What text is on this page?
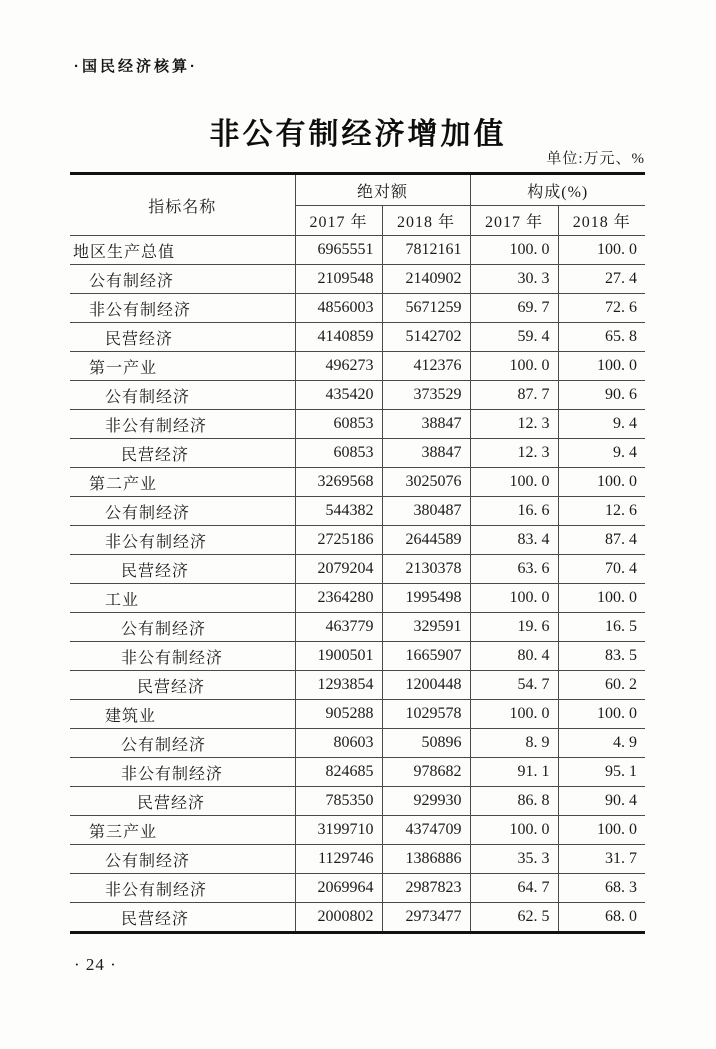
·国民经济核算·
非公有制经济增加值
单位:万元、%
指标名称	绝对额		构成(%)	
	2017 年	2018 年	2017 年	2018 年
地区生产总值	6965551	7812161	100. 0	100. 0
公有制经济	2109548	2140902	30. 3	27. 4
非公有制经济	4856003	5671259	69. 7	72. 6
民营经济	4140859	5142702	59. 4	65. 8
第一产业	496273	412376	100. 0	100. 0
公有制经济	435420	373529	87. 7	90. 6
非公有制经济	60853	38847	12. 3	9. 4
民营经济	60853	38847	12. 3	9. 4
第二产业	3269568	3025076	100. 0	100. 0
公有制经济	544382	380487	16. 6	12. 6
非公有制经济	2725186	2644589	83. 4	87. 4
民营经济	2079204	2130378	63. 6	70. 4
工业	2364280	1995498	100. 0	100. 0
公有制经济	463779	329591	19. 6	16. 5
非公有制经济	1900501	1665907	80. 4	83. 5
民营经济	1293854	1200448	54. 7	60. 2
建筑业	905288	1029578	100. 0	100. 0
公有制经济	80603	50896	8. 9	4. 9
非公有制经济	824685	978682	91. 1	95. 1
民营经济	785350	929930	86. 8	90. 4
第三产业	3199710	4374709	100. 0	100. 0
公有制经济	1129746	1386886	35. 3	31. 7
非公有制经济	2069964	2987823	64. 7	68. 3
民营经济	2000802	2973477	62. 5	68. 0
· 24 ·
